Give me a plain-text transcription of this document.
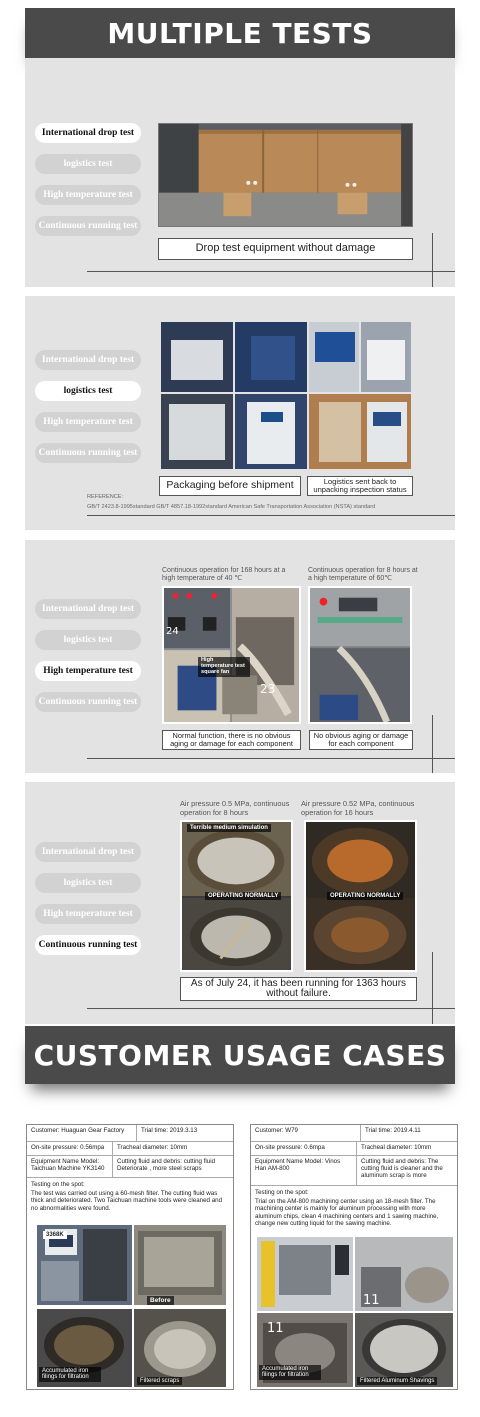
MULTIPLE TESTS
International drop test
logistics test
High temperature test
Continuous running test
Drop test equipment without damage
International drop test
logistics test
High temperature test
Continuous running test
Packaging before shipment	Logistics sent back to unpacking inspection status
REFERENCE:
GB/T 2423.8-1995standard GB/T 4857.18-1992standard American Safe Transportation Association (NSTA) standard
International drop test
logistics test
High temperature test
Continuous running test
Continuous operation for 168 hours at a high temperature of 40 ℃
Continuous operation for 8 hours at a high temperature of 60℃
24
High temperature test square fan
23
Normal function, there is no obvious aging or damage for each component
No obvious aging or damage for each component
International drop test
logistics test
High temperature test
Continuous running test
Air pressure 0.5 MPa, continuous operation for 8 hours
Air pressure 0.52 MPa, continuous operation for 16 hours
Terrible medium simulation
OPERATING NORMALLY	OPERATING NORMALLY
As of July 24, it has been running for 1363 hours without failure.
CUSTOMER USAGE CASES
Customer: Huaguan Gear Factory	Trial time: 2019.3.13
On-site pressure: 0.56mpa	Tracheal diameter: 10mm
Equipment Name Model: Taichuan Machine YK3140
Cutting fluid and debris: cutting fluid Deteriorate , more steel scraps
Testing on the spot:
The test was carried out using a 60-mesh filter. The cutting fluid was thick and deteriorated. Two Taichuan machine tools were cleaned and no abnormalities were found.
3368K
Before
Accumulated iron filings for filtration
Filtered scraps
Customer: W79	Trial time: 2019.4.11
On-site pressure: 0.6mpa	Tracheal diameter: 10mm
Equipment Name Model: Vinos Han AM-800
Cutting fluid and debris: The cutting fluid is cleaner and the aluminum scrap is more
Testing on the spot:
Trial on the AM-800 machining center using an 18-mesh filter. The machining center is mainly for aluminum processing with more aluminum chips, clean 4 machining centers and 1 sawing machine, change new cutting liquid for the sawing machine.
11
11
Accumulated iron filings for filtration
Filtered Aluminum Shavings
